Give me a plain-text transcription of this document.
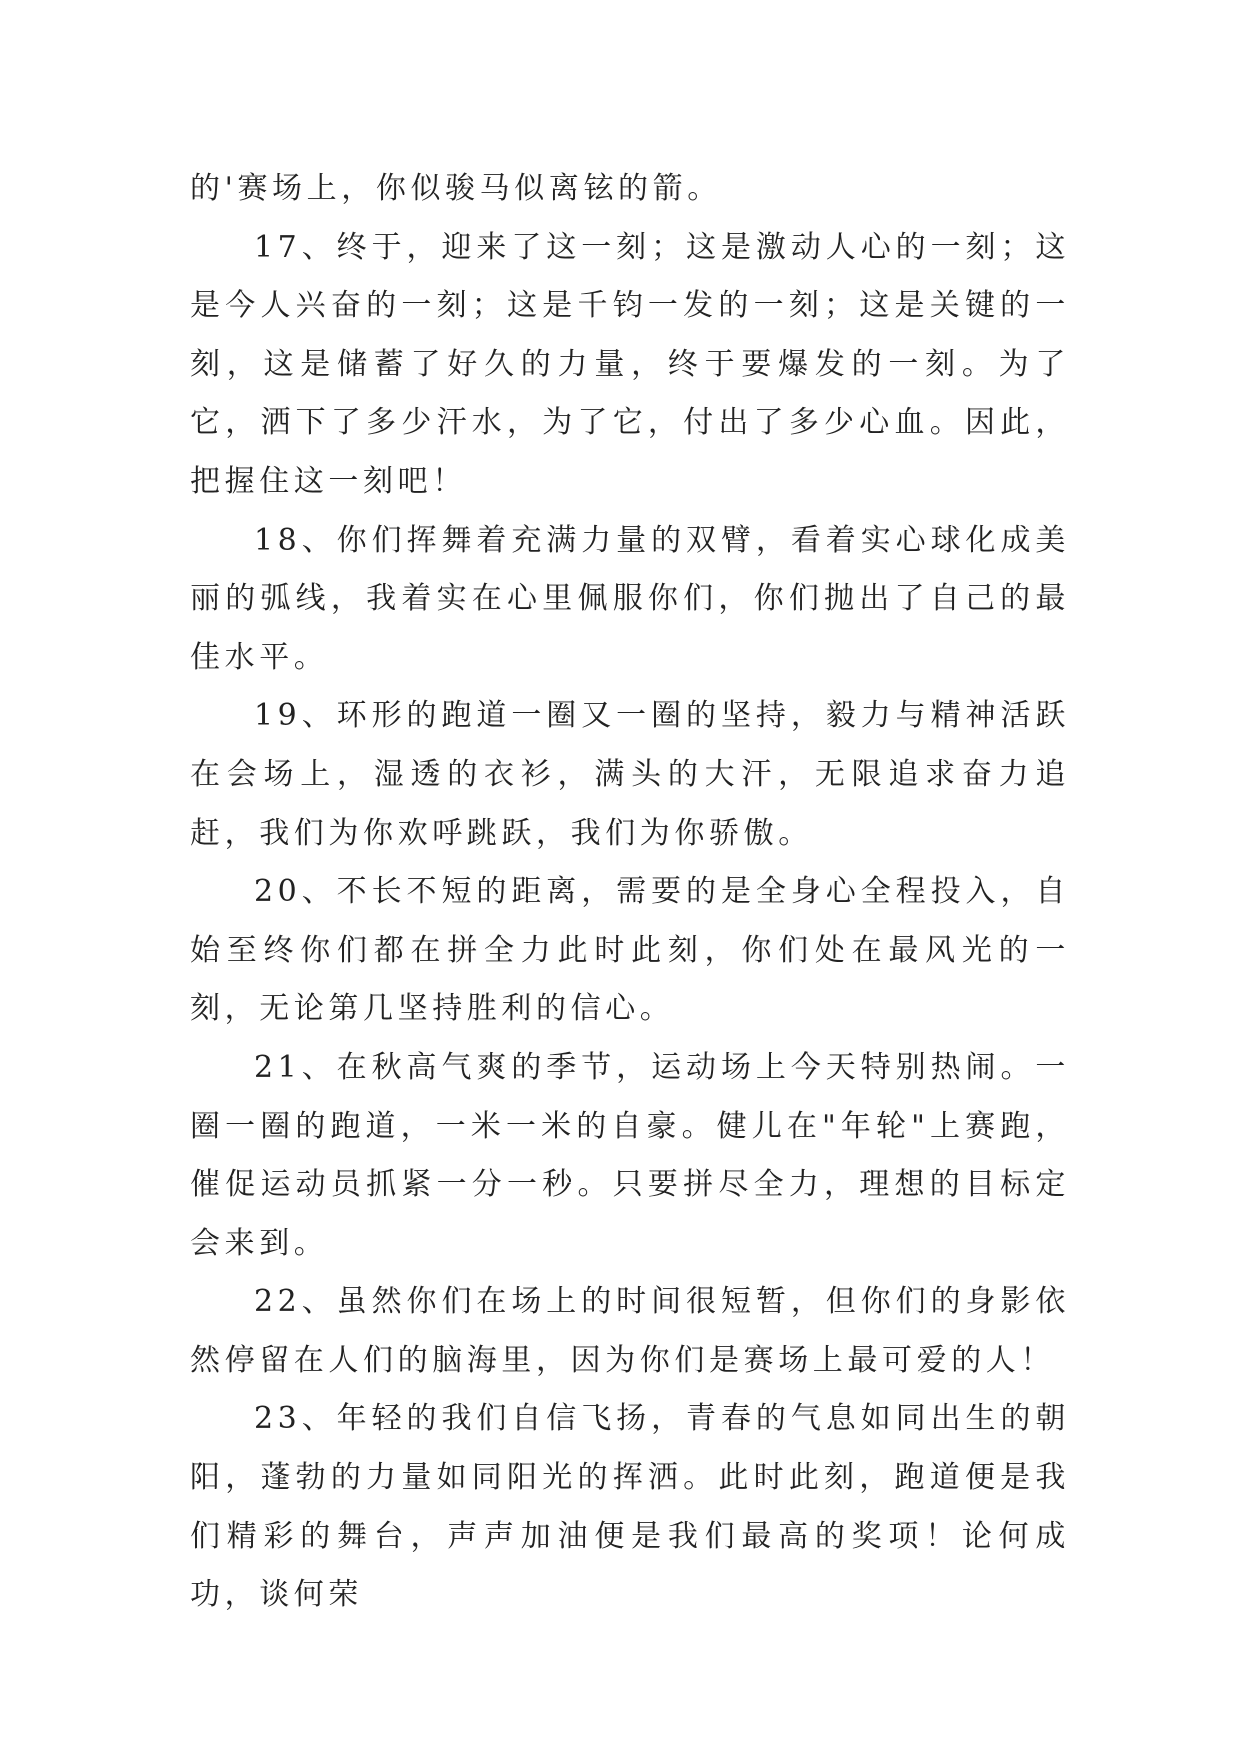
的'赛场上，你似骏马似离铉的箭。

17、终于，迎来了这一刻；这是激动人心的一刻；这是今人兴奋的一刻；这是千钧一发的一刻；这是关键的一刻，这是储蓄了好久的力量，终于要爆发的一刻。为了它，洒下了多少汗水，为了它，付出了多少心血。因此，把握住这一刻吧！

18、你们挥舞着充满力量的双臂，看着实心球化成美丽的弧线，我着实在心里佩服你们，你们抛出了自己的最佳水平。

19、环形的跑道一圈又一圈的坚持，毅力与精神活跃在会场上，湿透的衣衫，满头的大汗，无限追求奋力追赶，我们为你欢呼跳跃，我们为你骄傲。

20、不长不短的距离，需要的是全身心全程投入，自始至终你们都在拼全力此时此刻，你们处在最风光的一刻，无论第几坚持胜利的信心。

21、在秋高气爽的季节，运动场上今天特别热闹。一圈一圈的跑道，一米一米的自豪。健儿在"年轮"上赛跑，催促运动员抓紧一分一秒。只要拼尽全力，理想的目标定会来到。

22、虽然你们在场上的时间很短暂，但你们的身影依然停留在人们的脑海里，因为你们是赛场上最可爱的人！

23、年轻的我们自信飞扬，青春的气息如同出生的朝阳，蓬勃的力量如同阳光的挥洒。此时此刻，跑道便是我们精彩的舞台，声声加油便是我们最高的奖项！论何成功，谈何荣
